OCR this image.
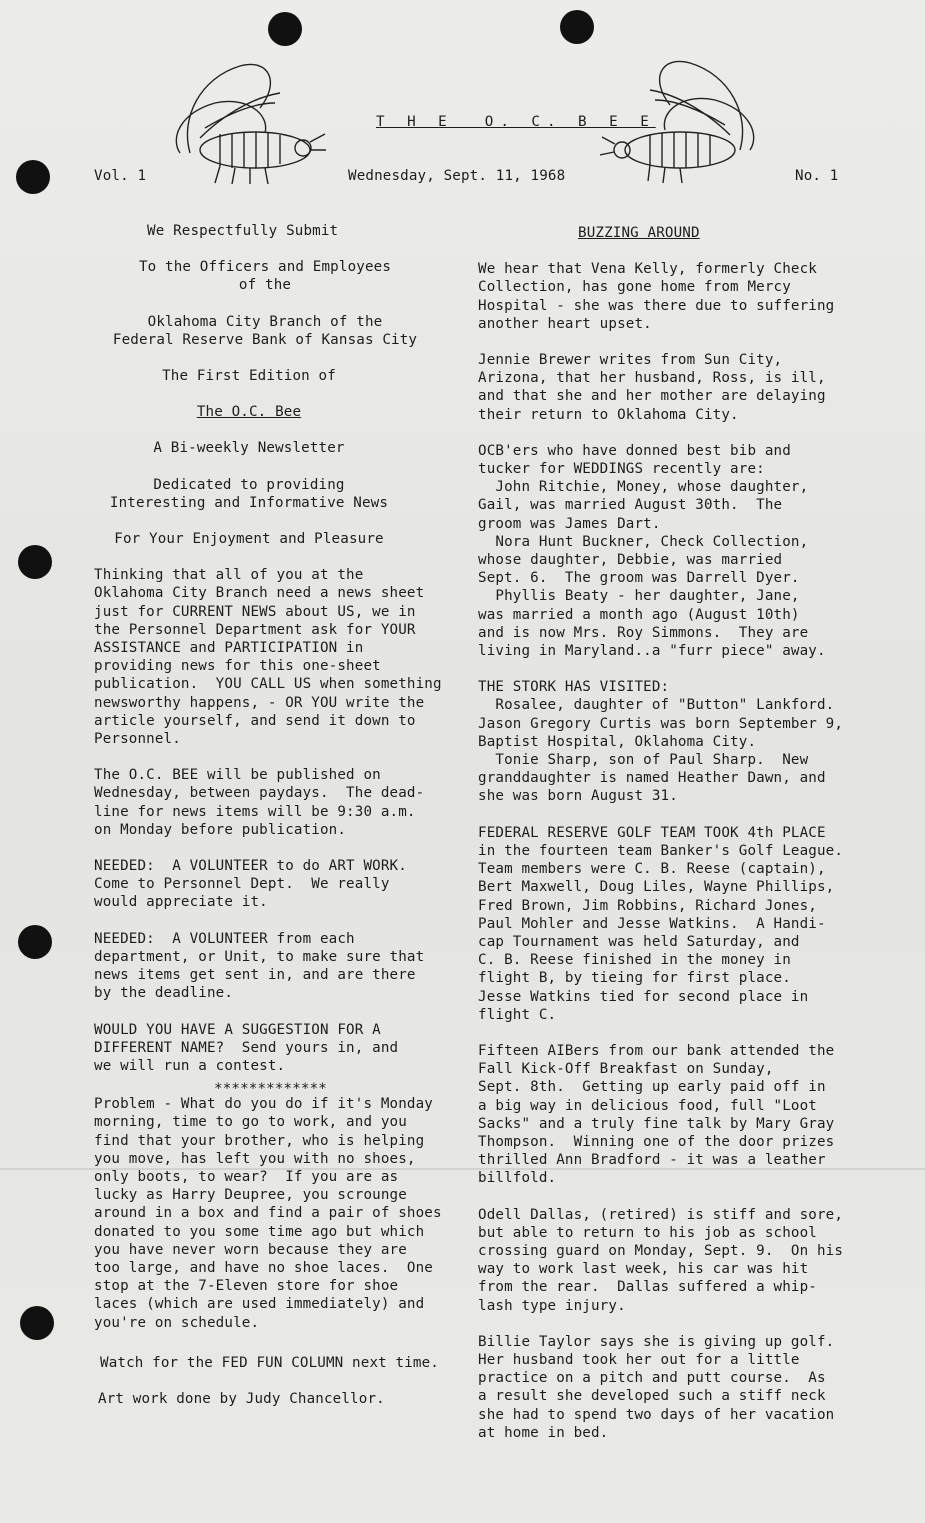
T H E  O. C. B E E
Vol. 1	Wednesday, Sept. 11, 1968	No. 1
We Respectfully Submit
To the Officers and Employees
of the
Oklahoma City Branch of the
Federal Reserve Bank of Kansas City
The First Edition of
The O.C. Bee
A Bi-weekly Newsletter
Dedicated to providing
Interesting and Informative News
For Your Enjoyment and Pleasure
Thinking that all of you at the
Oklahoma City Branch need a news sheet
just for CURRENT NEWS about US, we in
the Personnel Department ask for YOUR
ASSISTANCE and PARTICIPATION in
providing news for this one-sheet
publication.  YOU CALL US when something
newsworthy happens, - OR YOU write the
article yourself, and send it down to
Personnel.
The O.C. BEE will be published on
Wednesday, between paydays.  The dead-
line for news items will be 9:30 a.m.
on Monday before publication.
NEEDED:  A VOLUNTEER to do ART WORK.
Come to Personnel Dept.  We really
would appreciate it.
NEEDED:  A VOLUNTEER from each
department, or Unit, to make sure that
news items get sent in, and are there
by the deadline.
WOULD YOU HAVE A SUGGESTION FOR A
DIFFERENT NAME?  Send yours in, and
we will run a contest.
*************
Problem - What do you do if it's Monday
morning, time to go to work, and you
find that your brother, who is helping
you move, has left you with no shoes,
only boots, to wear?  If you are as
lucky as Harry Deupree, you scrounge
around in a box and find a pair of shoes
donated to you some time ago but which
you have never worn because they are
too large, and have no shoe laces.  One
stop at the 7-Eleven store for shoe
laces (which are used immediately) and
you're on schedule.
Watch for the FED FUN COLUMN next time.
Art work done by Judy Chancellor.
BUZZING AROUND
We hear that Vena Kelly, formerly Check
Collection, has gone home from Mercy
Hospital - she was there due to suffering
another heart upset.
Jennie Brewer writes from Sun City,
Arizona, that her husband, Ross, is ill,
and that she and her mother are delaying
their return to Oklahoma City.
OCB'ers who have donned best bib and
tucker for WEDDINGS recently are:
John Ritchie, Money, whose daughter,
Gail, was married August 30th.  The
groom was James Dart.
Nora Hunt Buckner, Check Collection,
whose daughter, Debbie, was married
Sept. 6.  The groom was Darrell Dyer.
Phyllis Beaty - her daughter, Jane,
was married a month ago (August 10th)
and is now Mrs. Roy Simmons.  They are
living in Maryland..a "furr piece" away.
THE STORK HAS VISITED:
Rosalee, daughter of "Button" Lankford.
Jason Gregory Curtis was born September 9,
Baptist Hospital, Oklahoma City.
Tonie Sharp, son of Paul Sharp.  New
granddaughter is named Heather Dawn, and
she was born August 31.
FEDERAL RESERVE GOLF TEAM TOOK 4th PLACE
in the fourteen team Banker's Golf League.
Team members were C. B. Reese (captain),
Bert Maxwell, Doug Liles, Wayne Phillips,
Fred Brown, Jim Robbins, Richard Jones,
Paul Mohler and Jesse Watkins.  A Handi-
cap Tournament was held Saturday, and
C. B. Reese finished in the money in
flight B, by tieing for first place.
Jesse Watkins tied for second place in
flight C.
Fifteen AIBers from our bank attended the
Fall Kick-Off Breakfast on Sunday,
Sept. 8th.  Getting up early paid off in
a big way in delicious food, full "Loot
Sacks" and a truly fine talk by Mary Gray
Thompson.  Winning one of the door prizes
thrilled Ann Bradford - it was a leather
billfold.
Odell Dallas, (retired) is stiff and sore,
but able to return to his job as school
crossing guard on Monday, Sept. 9.  On his
way to work last week, his car was hit
from the rear.  Dallas suffered a whip-
lash type injury.
Billie Taylor says she is giving up golf.
Her husband took her out for a little
practice on a pitch and putt course.  As
a result she developed such a stiff neck
she had to spend two days of her vacation
at home in bed.
